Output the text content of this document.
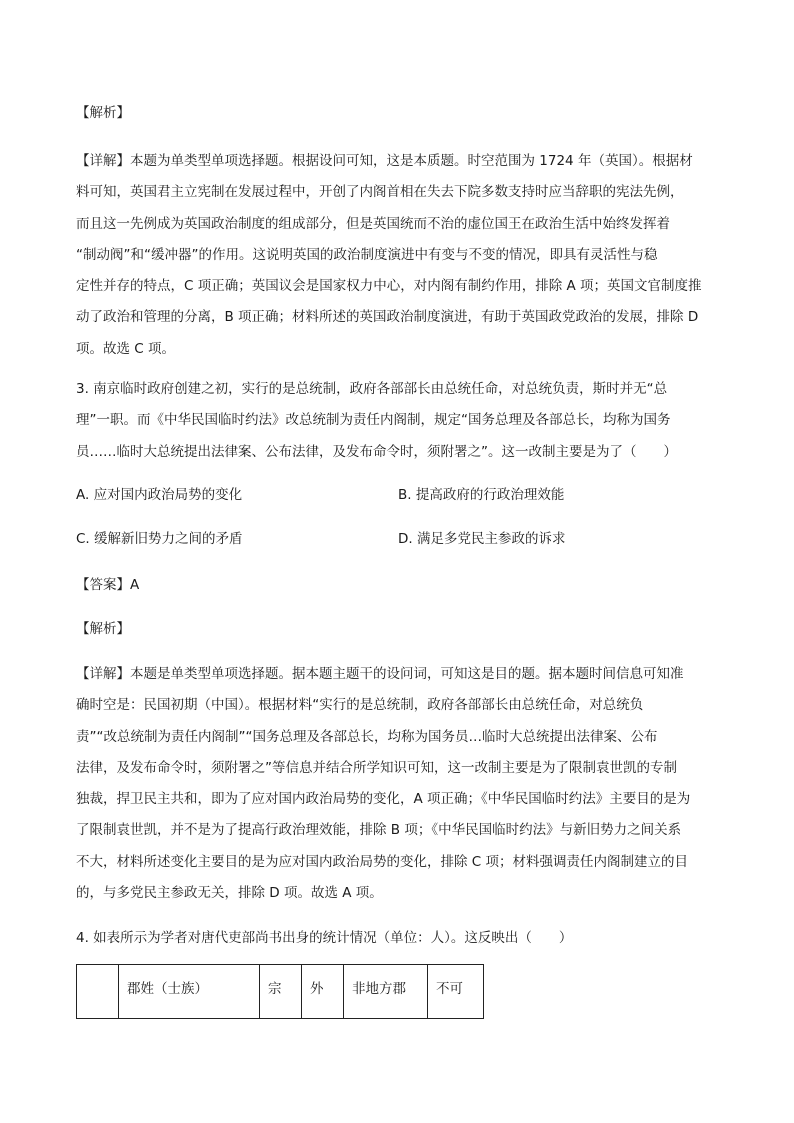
【解析】

【详解】本题为单类型单项选择题。根据设问可知，这是本质题。时空范围为 1724 年（英国）。根据材
料可知，英国君主立宪制在发展过程中，开创了内阁首相在失去下院多数支持时应当辞职的宪法先例，
而且这一先例成为英国政治制度的组成部分，但是英国统而不治的虚位国王在政治生活中始终发挥着
“制动阀”和“缓冲器”的作用。这说明英国的政治制度演进中有变与不变的情况，即具有灵活性与稳
定性并存的特点，C 项正确；英国议会是国家权力中心，对内阁有制约作用，排除 A 项；英国文官制度推
动了政治和管理的分离，B 项正确；材料所述的英国政治制度演进，有助于英国政党政治的发展，排除 D
项。故选 C 项。
3. 南京临时政府创建之初，实行的是总统制，政府各部部长由总统任命，对总统负责，斯时并无“总
理”一职。而《中华民国临时约法》改总统制为责任内阁制，规定“国务总理及各部总长，均称为国务
员……临时大总统提出法律案、公布法律，及发布命令时，须附署之”。这一改制主要是为了（　　）

A. 应对国内政治局势的变化	B. 提高政府的行政治理效能

C. 缓解新旧势力之间的矛盾	D. 满足多党民主参政的诉求

【答案】A

【解析】

【详解】本题是单类型单项选择题。据本题主题干的设问词，可知这是目的题。据本题时间信息可知准
确时空是：民国初期（中国）。根据材料“实行的是总统制，政府各部部长由总统任命，对总统负
责”“改总统制为责任内阁制”“国务总理及各部总长，均称为国务员…临时大总统提出法律案、公布
法律，及发布命令时，须附署之”等信息并结合所学知识可知，这一改制主要是为了限制袁世凯的专制
独裁，捍卫民主共和，即为了应对国内政治局势的变化，A 项正确；《中华民国临时约法》主要目的是为
了限制袁世凯，并不是为了提高行政治理效能，排除 B 项；《中华民国临时约法》与新旧势力之间关系
不大，材料所述变化主要目的是为应对国内政治局势的变化，排除 C 项；材料强调责任内阁制建立的目
的，与多党民主参政无关，排除 D 项。故选 A 项。

4. 如表所示为学者对唐代吏部尚书出身的统计情况（单位：人）。这反映出（　　）

	郡姓（士族）	宗	外	非地方郡	不可
